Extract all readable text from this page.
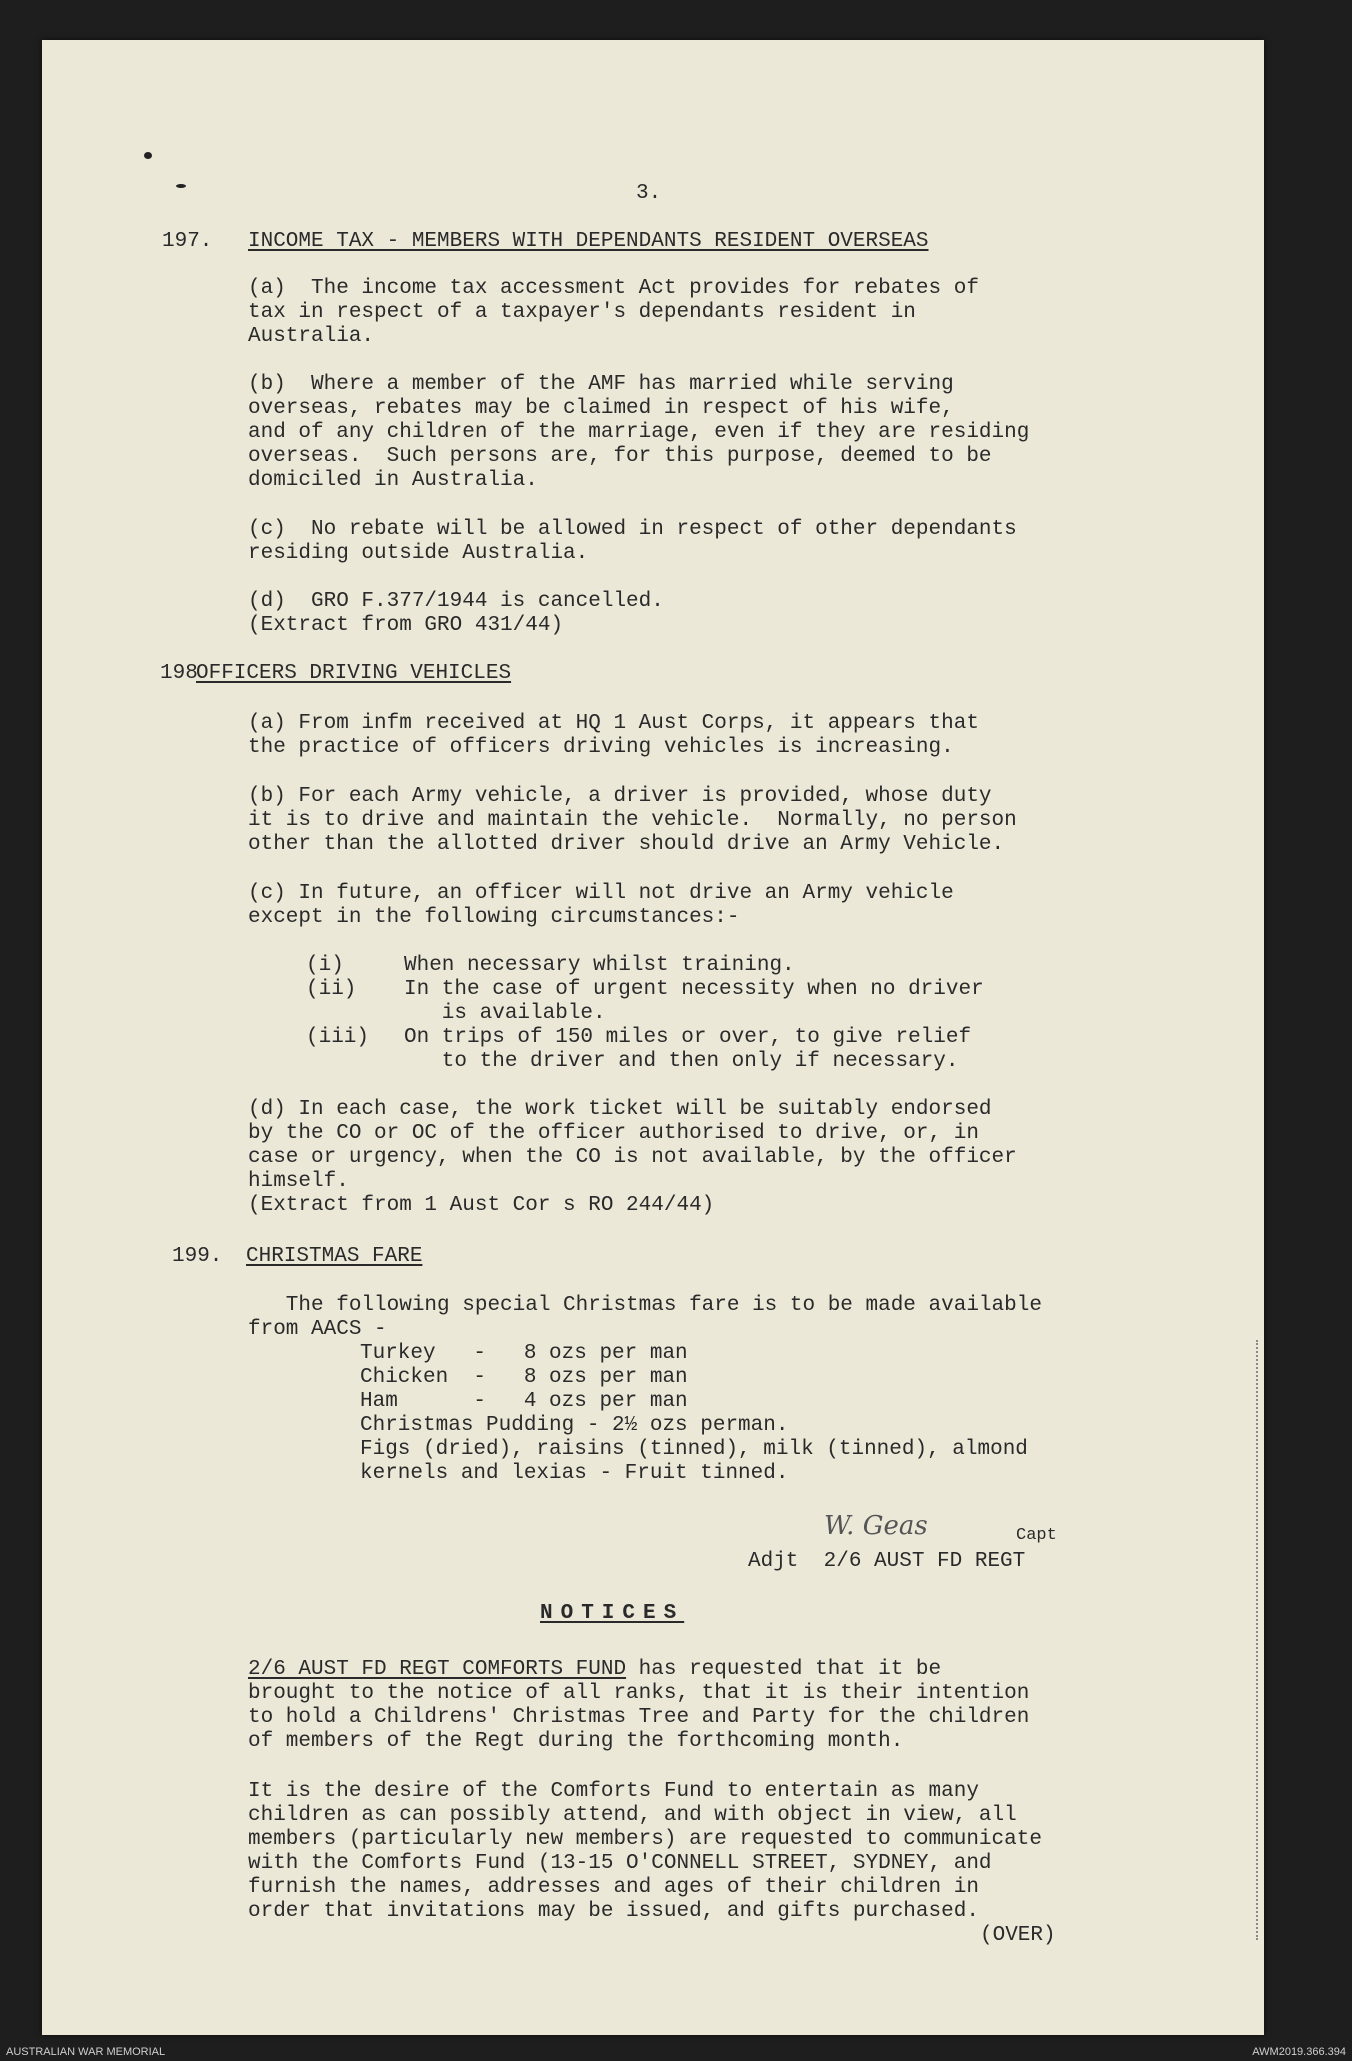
3.
197. INCOME TAX - MEMBERS WITH DEPENDANTS RESIDENT OVERSEAS
(a)  The income tax accessment Act provides for rebates of
tax in respect of a taxpayer's dependants resident in
Australia.
(b)  Where a member of the AMF has married while serving
overseas, rebates may be claimed in respect of his wife,
and of any children of the marriage, even if they are residing
overseas.  Such persons are, for this purpose, deemed to be
domiciled in Australia.
(c)  No rebate will be allowed in respect of other dependants
residing outside Australia.
(d)  GRO F.377/1944 is cancelled.
(Extract from GRO 431/44)
198
OFFICERS DRIVING VEHICLES
(a) From infm received at HQ 1 Aust Corps, it appears that
the practice of officers driving vehicles is increasing.
(b) For each Army vehicle, a driver is provided, whose duty
it is to drive and maintain the vehicle.  Normally, no person
other than the allotted driver should drive an Army Vehicle.
(c) In future, an officer will not drive an Army vehicle
except in the following circumstances:-
(i)	When necessary whilst training.
(ii) In the case of urgent necessity when no driver
is available.
(iii) On trips of 150 miles or over, to give relief
to the driver and then only if necessary.
(d) In each case, the work ticket will be suitably endorsed
by the CO or OC of the officer authorised to drive, or, in
case or urgency, when the CO is not available, by the officer
himself.
(Extract from 1 Aust Cor s RO 244/44)
199. CHRISTMAS FARE
The following special Christmas fare is to be made available
from AACS -
Turkey   -   8 ozs per man
Chicken  -   8 ozs per man
Ham      -   4 ozs per man
Christmas Pudding - 2½ ozs perman.
Figs (dried), raisins (tinned), milk (tinned), almond
kernels and lexias - Fruit tinned.
W. Geas	Capt
Adjt  2/6 AUST FD REGT
NOTICES
2/6 AUST FD REGT COMFORTS FUND has requested that it be
brought to the notice of all ranks, that it is their intention
to hold a Childrens' Christmas Tree and Party for the children
of members of the Regt during the forthcoming month.
It is the desire of the Comforts Fund to entertain as many
children as can possibly attend, and with object in view, all
members (particularly new members) are requested to communicate
with the Comforts Fund (13-15 O'CONNELL STREET, SYDNEY, and
furnish the names, addresses and ages of their children in
order that invitations may be issued, and gifts purchased.
(OVER)
AUSTRALIAN WAR MEMORIAL	AWM2019.366.394
